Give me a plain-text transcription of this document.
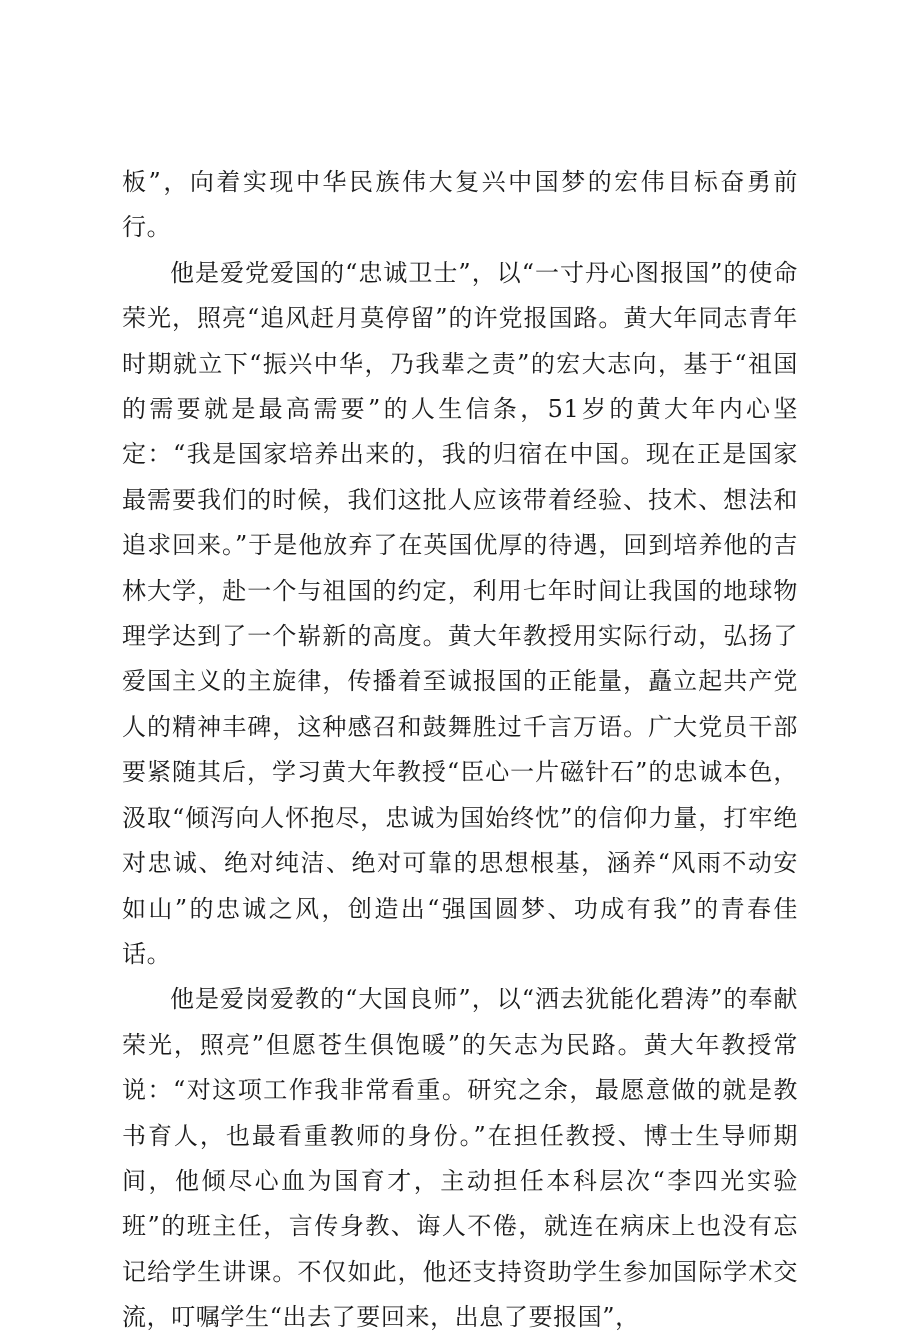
板”，向着实现中华民族伟大复兴中国梦的宏伟目标奋勇前行。

他是爱党爱国的“忠诚卫士”，以“一寸丹心图报国”的使命荣光，照亮“追风赶月莫停留”的许党报国路。黄大年同志青年时期就立下“振兴中华，乃我辈之责”的宏大志向，基于“祖国的需要就是最高需要”的人生信条，51岁的黄大年内心坚定：“我是国家培养出来的，我的归宿在中国。现在正是国家最需要我们的时候，我们这批人应该带着经验、技术、想法和追求回来。”于是他放弃了在英国优厚的待遇，回到培养他的吉林大学，赴一个与祖国的约定，利用七年时间让我国的地球物理学达到了一个崭新的高度。黄大年教授用实际行动，弘扬了爱国主义的主旋律，传播着至诚报国的正能量，矗立起共产党人的精神丰碑，这种感召和鼓舞胜过千言万语。广大党员干部要紧随其后，学习黄大年教授“臣心一片磁针石”的忠诚本色，汲取“倾泻向人怀抱尽，忠诚为国始终忱”的信仰力量，打牢绝对忠诚、绝对纯洁、绝对可靠的思想根基，涵养“风雨不动安如山”的忠诚之风，创造出“强国圆梦、功成有我”的青春佳话。

他是爱岗爱教的“大国良师”，以“洒去犹能化碧涛”的奉献荣光，照亮”但愿苍生俱饱暖”的矢志为民路。黄大年教授常说：“对这项工作我非常看重。研究之余，最愿意做的就是教书育人，也最看重教师的身份。”在担任教授、博士生导师期间，他倾尽心血为国育才，主动担任本科层次“李四光实验班”的班主任，言传身教、诲人不倦，就连在病床上也没有忘记给学生讲课。不仅如此，他还支持资助学生参加国际学术交流，叮嘱学生“出去了要回来，出息了要报国”，
